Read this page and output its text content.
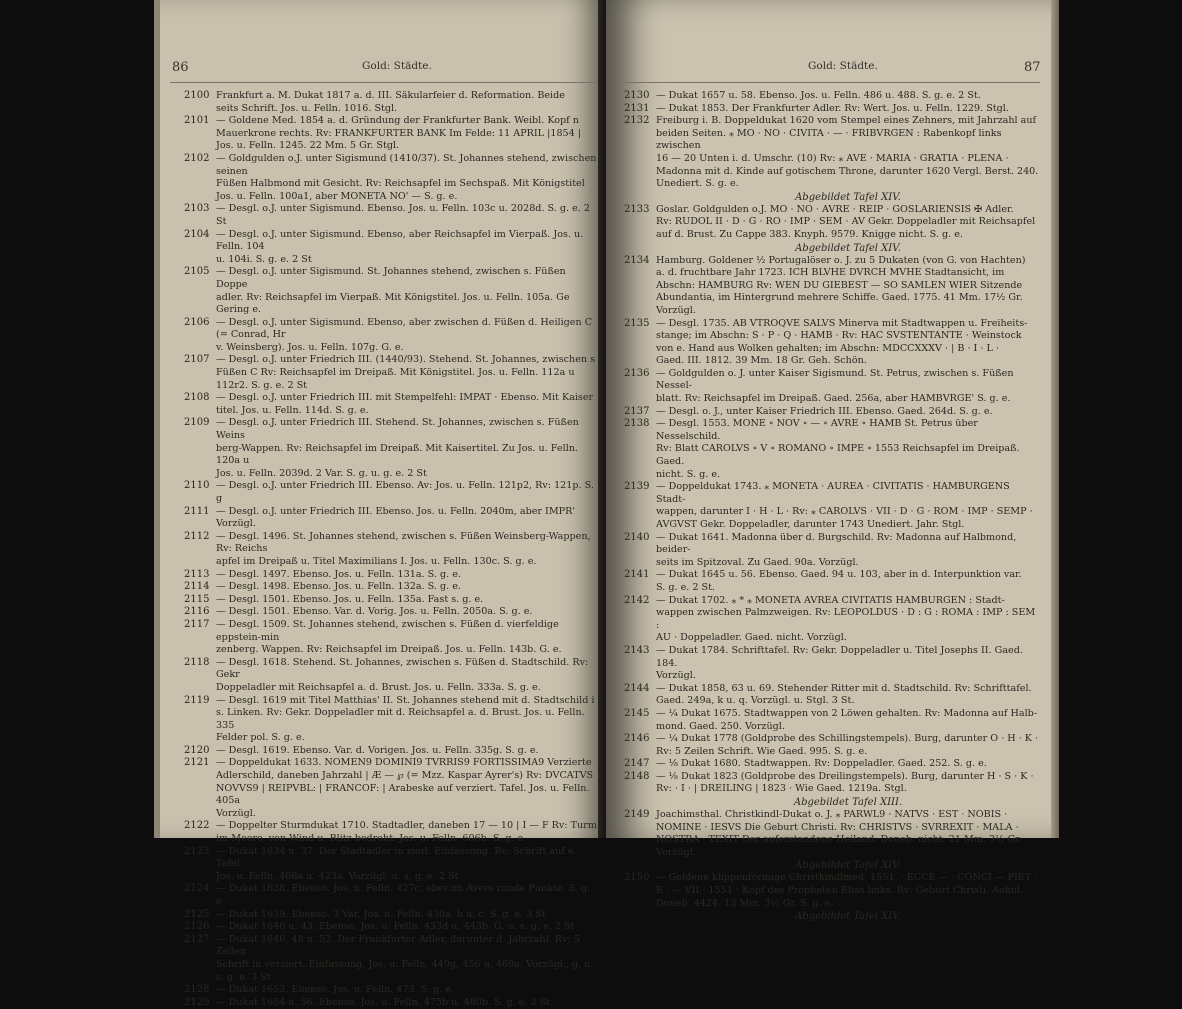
86	Gold: Städte.
2100 Frankfurt a. M. Dukat 1817 a. d. III. Säkularfeier d. Reformation. Beide
seits Schrift. Jos. u. Felln. 1016. Stgl.
2101 — Goldene Med. 1854 a. d. Gründung der Frankfurter Bank. Weibl. Kopf n
Mauerkrone rechts. Rv: FRANKFURTER BANK Im Felde: 11 APRIL |1854 |
Jos. u. Felln. 1245. 22 Mm. 5 Gr. Stgl.
2102 — Goldgulden o.J. unter Sigismund (1410/37). St. Johannes stehend, zwischen seinen
Füßen Halbmond mit Gesicht. Rv: Reichsapfel im Sechspaß. Mit Königstitel
Jos. u. Felln. 100a1, aber MONETA NO' — S. g. e.
2103 — Desgl. o.J. unter Sigismund. Ebenso. Jos. u. Felln. 103c u. 2028d. S. g. e. 2 St
2104 — Desgl. o.J. unter Sigismund. Ebenso, aber Reichsapfel im Vierpaß. Jos. u. Felln. 104
u. 104i. S. g. e. 2 St
2105 — Desgl. o.J. unter Sigismund. St. Johannes stehend, zwischen s. Füßen Doppe
adler. Rv: Reichsapfel im Vierpaß. Mit Königstitel. Jos. u. Felln. 105a. Ge
Gering e.
2106 — Desgl. o.J. unter Sigismund. Ebenso, aber zwischen d. Füßen d. Heiligen C (= Conrad, Hr
v. Weinsberg). Jos. u. Felln. 107g. G. e.
2107 — Desgl. o.J. unter Friedrich III. (1440/93). Stehend. St. Johannes, zwischen s
Füßen C Rv: Reichsapfel im Dreipaß. Mit Königstitel. Jos. u. Felln. 112a u
112r2. S. g. e. 2 St
2108 — Desgl. o.J. unter Friedrich III. mit Stempelfehl: IMPAT · Ebenso. Mit Kaiser
titel. Jos. u. Felln. 114d. S. g. e.
2109 — Desgl. o.J. unter Friedrich III. Stehend. St. Johannes, zwischen s. Füßen Weins
berg-Wappen. Rv: Reichsapfel im Dreipaß. Mit Kaisertitel. Zu Jos. u. Felln. 120a u
Jos. u. Felln. 2039d. 2 Var. S. g. u. g. e. 2 St
2110 — Desgl. o.J. unter Friedrich III. Ebenso. Av: Jos. u. Felln. 121p2, Rv: 121p. S. g
2111 — Desgl. o.J. unter Friedrich III. Ebenso. Jos. u. Felln. 2040m, aber IMPR' Vorzügl.
2112 — Desgl. 1496. St. Johannes stehend, zwischen s. Füßen Weinsberg-Wappen, Rv: Reichs
apfel im Dreipaß u. Titel Maximilians I. Jos. u. Felln. 130c. S. g. e.
2113 — Desgl. 1497. Ebenso. Jos. u. Felln. 131a. S. g. e.
2114 — Desgl. 1498. Ebenso. Jos. u. Felln. 132a. S. g. e.
2115 — Desgl. 1501. Ebenso. Jos. u. Felln. 135a. Fast s. g. e.
2116 — Desgl. 1501. Ebenso. Var. d. Vorig. Jos. u. Felln. 2050a. S. g. e.
2117 — Desgl. 1509. St. Johannes stehend, zwischen s. Füßen d. vierfeldige eppstein-min
zenberg. Wappen. Rv: Reichsapfel im Dreipaß. Jos. u. Felln. 143b. G. e.
2118 — Desgl. 1618. Stehend. St. Johannes, zwischen s. Füßen d. Stadtschild. Rv: Gekr
Doppeladler mit Reichsapfel a. d. Brust. Jos. u. Felln. 333a. S. g. e.
2119 — Desgl. 1619 mit Titel Matthias' II. St. Johannes stehend mit d. Stadtschild i
s. Linken. Rv: Gekr. Doppeladler mit d. Reichsapfel a. d. Brust. Jos. u. Felln. 335
Felder pol. S. g. e.
2120 — Desgl. 1619. Ebenso. Var. d. Vorigen. Jos. u. Felln. 335g. S. g. e.
2121 — Doppeldukat 1633. NOMEN9 DOMINI9 TVRRIS9 FORTISSIMA9 Verzierte
Adlerschild, daneben Jahrzahl | Æ — ℘ (= Mzz. Kaspar Ayrer's) Rv: DVCATVS
NOVVS9 | REIPVBL: | FRANCOF: | Arabeske auf verziert. Tafel. Jos. u. Felln. 405a
Vorzügl.
2122 — Doppelter Sturmdukat 1710. Stadtadler, daneben 17 — 10 | I — F Rv: Turm
im Meere, von Wind u. Blitz bedroht. Jos. u. Felln. 606b. S. g. e.
2123 — Dukat 1634 u. 37. Der Stadtadler in zierl. Einfassung. Rv: Schrift auf e. Tafel
Jos. u. Felln. 408a u. 423a. Vorzügl. u. s. g. e. 2 St
2124 — Dukat 1638. Ebenso. Jos. u. Felln. 427c, aber im Avers runde Punkte. S. g. e
2125 — Dukat 1639. Ebenso. 3 Var. Jos. u. Felln. 430a, b u. c. S. g. e. 3 St
2126 — Dukat 1640 u. 43. Ebenso. Jos. u. Felln. 433d u. 443b. G. u. s. g. e. 2 St
2127 — Dukat 1646, 48 u. 52. Der Frankfurter Adler, darunter d. Jahrzahl. Rv: 5 Zeilen
Schrift in verziert. Einfassung. Jos. u. Felln. 449g, 456 u. 469a. Vorzügl., g. u.
s. g. e. 3 St
2128 — Dukat 1653. Ebenso. Jos. u. Felln. 473. S. g. e.
2129 — Dukat 1654 u. 56. Ebenso. Jos. u. Felln. 475b u. 480b. S. g. e. 2 St
Gold: Städte.	87
2130 — Dukat 1657 u. 58. Ebenso. Jos. u. Felln. 486 u. 488. S. g. e. 2 St.
2131 — Dukat 1853. Der Frankfurter Adler. Rv: Wert. Jos. u. Felln. 1229. Stgl.
2132 Freiburg i. B. Doppeldukat 1620 vom Stempel eines Zehners, mit Jahrzahl auf
beiden Seiten. ⁎ MO · NO · CIVITA · — · FRIBVRGEN : Rabenkopf links zwischen
16 — 20 Unten i. d. Umschr. (10) Rv: ⁎ AVE · MARIA · GRATIA · PLENA ·
Madonna mit d. Kinde auf gotischem Throne, darunter 1620 Vergl. Berst. 240.
Unediert. S. g. e.
Abgebildet Tafel XIV.
2133 Goslar. Goldgulden o.J. MO · NO · AVRE · REIP · GOSLARIENSIS ✠ Adler.
Rv: RUDOL II · D · G · RO · IMP · SEM · AV Gekr. Doppeladler mit Reichsapfel
auf d. Brust. Zu Cappe 383. Knyph. 9579. Knigge nicht. S. g. e.
Abgebildet Tafel XIV.
2134 Hamburg. Goldener ½ Portugalöser o. J. zu 5 Dukaten (von G. von Hachten)
a. d. fruchtbare Jahr 1723. ICH BLVHE DVRCH MVHE Stadtansicht, im
Abschn: HAMBURG Rv: WEN DU GIEBEST — SO SAMLEN WIER Sitzende
Abundantia, im Hintergrund mehrere Schiffe. Gaed. 1775. 41 Mm. 17½ Gr. Vorzügl.
2135 — Desgl. 1735. AB VTROQVE SALVS Minerva mit Stadtwappen u. Freiheits-
stange; im Abschn: S · P · Q · HAMB · Rv: HAC SVSTENTANTE · Weinstock
von e. Hand aus Wolken gehalten; im Abschn: MDCCXXXV · | B · I · L ·
Gaed. III. 1812. 39 Mm. 18 Gr. Geh. Schön.
2136 — Goldgulden o. J. unter Kaiser Sigismund. St. Petrus, zwischen s. Füßen Nessel-
blatt. Rv: Reichsapfel im Dreipaß. Gaed. 256a, aber HAMBVRGE' S. g. e.
2137 — Desgl. o. J., unter Kaiser Friedrich III. Ebenso. Gaed. 264d. S. g. e.
2138 — Desgl. 1553. MONE ∘ NOV ∘ — ∘ AVRE ∘ HAMB St. Petrus über Nesselschild.
Rv: Blatt CAROLVS ∘ V ∘ ROMANO ∘ IMPE ∘ 1553 Reichsapfel im Dreipaß. Gaed.
nicht. S. g. e.
2139 — Doppeldukat 1743. ⁎ MONETA · AUREA · CIVITATIS · HAMBURGENS Stadt-
wappen, darunter I · H · L · Rv: ⁎ CAROLVS · VII · D · G · ROM · IMP · SEMP ·
AVGVST Gekr. Doppeladler, darunter 1743 Unediert. Jahr. Stgl.
2140 — Dukat 1641. Madonna über d. Burgschild. Rv: Madonna auf Halbmond, beider-
seits im Spitzoval. Zu Gaed. 90a. Vorzügl.
2141 — Dukat 1645 u. 56. Ebenso. Gaed. 94 u. 103, aber in d. Interpunktion var.
S. g. e. 2 St.
2142 — Dukat 1702. ⁎ * ⁎ MONETA AVREA CIVITATIS HAMBURGEN : Stadt-
wappen zwischen Palmzweigen. Rv: LEOPOLDUS · D : G : ROMA : IMP : SEM :
AU · Doppeladler. Gaed. nicht. Vorzügl.
2143 — Dukat 1784. Schrifttafel. Rv: Gekr. Doppeladler u. Titel Josephs II. Gaed. 184.
Vorzügl.
2144 — Dukat 1858, 63 u. 69. Stehender Ritter mit d. Stadtschild. Rv: Schrifttafel.
Gaed. 249a, k u. q. Vorzügl. u. Stgl. 3 St.
2145 — ¼ Dukat 1675. Stadtwappen von 2 Löwen gehalten. Rv: Madonna auf Halb-
mond. Gaed. 250. Vorzügl.
2146 — ¼ Dukat 1778 (Goldprobe des Schillingstempels). Burg, darunter O · H · K ·
Rv: 5 Zeilen Schrift. Wie Gaed. 995. S. g. e.
2147 — ⅛ Dukat 1680. Stadtwappen. Rv: Doppeladler. Gaed. 252. S. g. e.
2148 — ⅛ Dukat 1823 (Goldprobe des Dreilingstempels). Burg, darunter H · S · K ·
Rv: · I · | DREILING | 1823 · Wie Gaed. 1219a. Stgl.
Abgebildet Tafel XIII.
2149 Joachimsthal. Christkindl-Dukat o. J. ⁎ PARWL9 · NATVS · EST · NOBIS ·
NOMINE · IESVS Die Geburt Christi. Rv: CHRISTVS · SVRREXIT · MALA ·
NOSTRA · TEXIT Der auferstandene Heiland. Doneb. nicht. 21 Mm. 3½ Gr. Vorzügl.
Abgebildet Tafel XIV.
2150 — Goldene klippenförmige Christkindlmed. 1551. · ECCE — · CONCI — PIET ·
E · — VII · 1551 · Kopf des Propheten Elias links. Rv: Geburt Christi. Aehnl.
Doneb. 4424. 13 Mm. 3½ Gr. S. g. e.
Abgebildet Tafel XIV.
